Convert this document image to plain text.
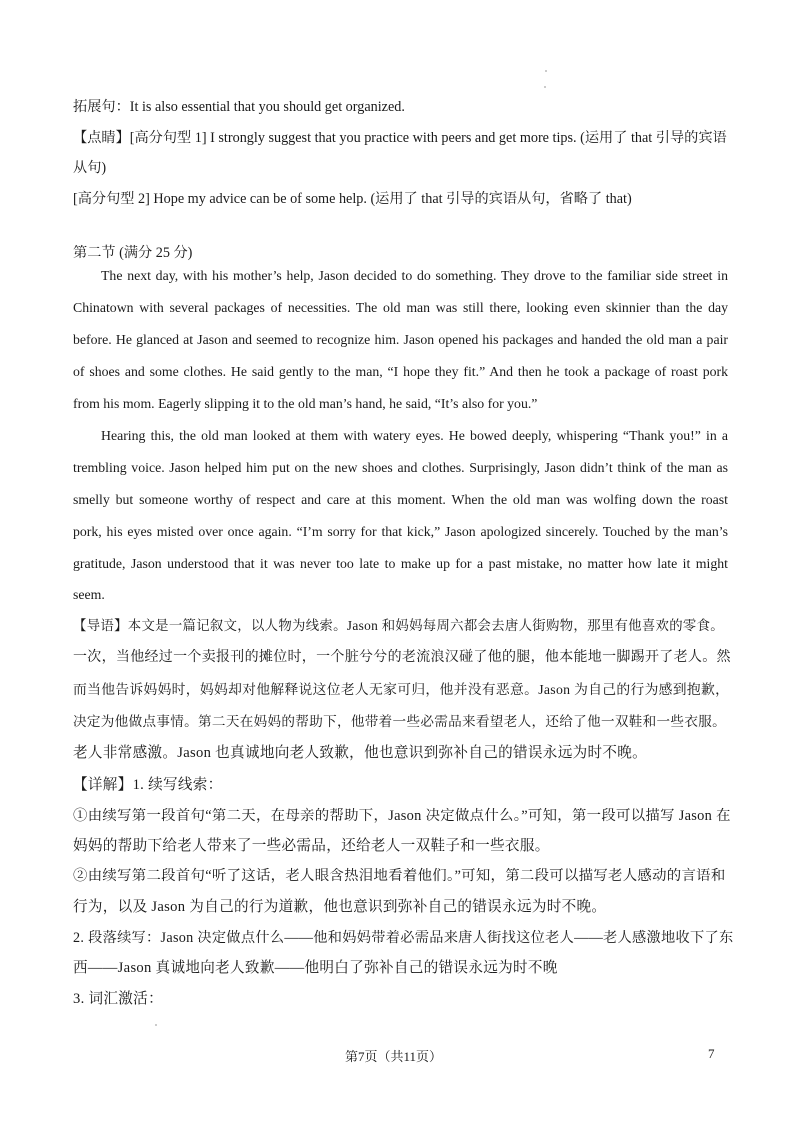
拓展句：It is also essential that you should get organized.
【点睛】[高分句型 1] I strongly suggest that you practice with peers and get more tips. (运用了 that 引导的宾语
从句)
[高分句型 2] Hope my advice can be of some help. (运用了 that 引导的宾语从句，省略了 that)
第二节 (满分 25 分)
The next day, with his mother’s help, Jason decided to do something. They drove to the familiar side street in
Chinatown with several packages of necessities. The old man was still there, looking even skinnier than the day
before. He glanced at Jason and seemed to recognize him. Jason opened his packages and handed the old man a pair
of shoes and some clothes. He said gently to the man, “I hope they fit.” And then he took a package of roast pork
from his mom. Eagerly slipping it to the old man’s hand, he said, “It’s also for you.”
Hearing this, the old man looked at them with watery eyes. He bowed deeply, whispering “Thank you!” in a
trembling voice. Jason helped him put on the new shoes and clothes. Surprisingly, Jason didn’t think of the man as
smelly but someone worthy of respect and care at this moment. When the old man was wolfing down the roast
pork, his eyes misted over once again. “I’m sorry for that kick,” Jason apologized sincerely. Touched by the man’s
gratitude, Jason understood that it was never too late to make up for a past mistake, no matter how late it might
seem.
【导语】本文是一篇记叙文，以人物为线索。Jason 和妈妈每周六都会去唐人街购物，那里有他喜欢的零食。
一次，当他经过一个卖报刊的摊位时，一个脏兮兮的老流浪汉碰了他的腿，他本能地一脚踢开了老人。然
而当他告诉妈妈时，妈妈却对他解释说这位老人无家可归，他并没有恶意。Jason 为自己的行为感到抱歉，
决定为他做点事情。第二天在妈妈的帮助下，他带着一些必需品来看望老人，还给了他一双鞋和一些衣服。
老人非常感激。Jason 也真诚地向老人致歉，他也意识到弥补自己的错误永远为时不晚。
【详解】1. 续写线索：
①由续写第一段首句“第二天，在母亲的帮助下，Jason 决定做点什么。”可知，第一段可以描写 Jason 在
妈妈的帮助下给老人带来了一些必需品，还给老人一双鞋子和一些衣服。
②由续写第二段首句“听了这话，老人眼含热泪地看着他们。”可知，第二段可以描写老人感动的言语和
行为，以及 Jason 为自己的行为道歉，他也意识到弥补自己的错误永远为时不晚。
2. 段落续写：Jason 决定做点什么——他和妈妈带着必需品来唐人街找这位老人——老人感激地收下了东
西——Jason 真诚地向老人致歉——他明白了弥补自己的错误永远为时不晚
3. 词汇激活：
第7页（共11页）	7
